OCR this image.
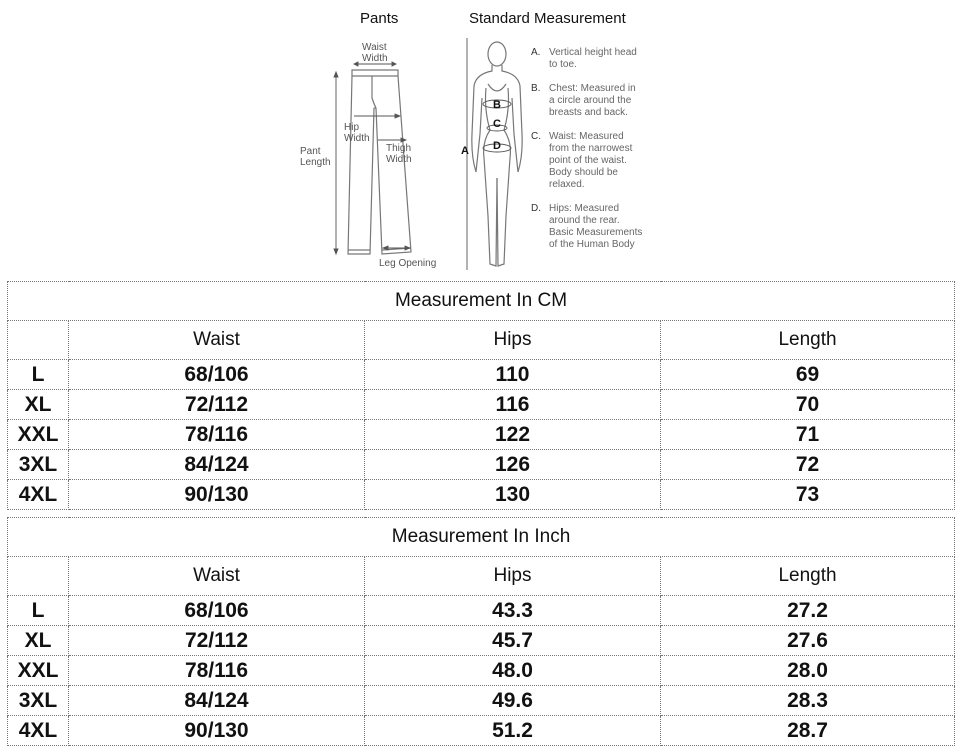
Pants	Standard Measurement
Waist
Width
Hip
Width
Pant
Length
Thigh
Width
Leg Opening
B
C
D
A
A. Vertical height head
to toe.
B. Chest: Measured in
a circle around the
breasts and back.
C. Waist: Measured
from the narrowest
point of the waist.
Body should be
relaxed.
D. Hips: Measured
around the rear.
Basic Measurements
of the Human Body
Measurement In CM			
	Waist	Hips	Length
L	68/106	110	69
XL	72/112	116	70
XXL	78/116	122	71
3XL	84/124	126	72
4XL	90/130	130	73
Measurement In Inch			
	Waist	Hips	Length
L	68/106	43.3	27.2
XL	72/112	45.7	27.6
XXL	78/116	48.0	28.0
3XL	84/124	49.6	28.3
4XL	90/130	51.2	28.7
